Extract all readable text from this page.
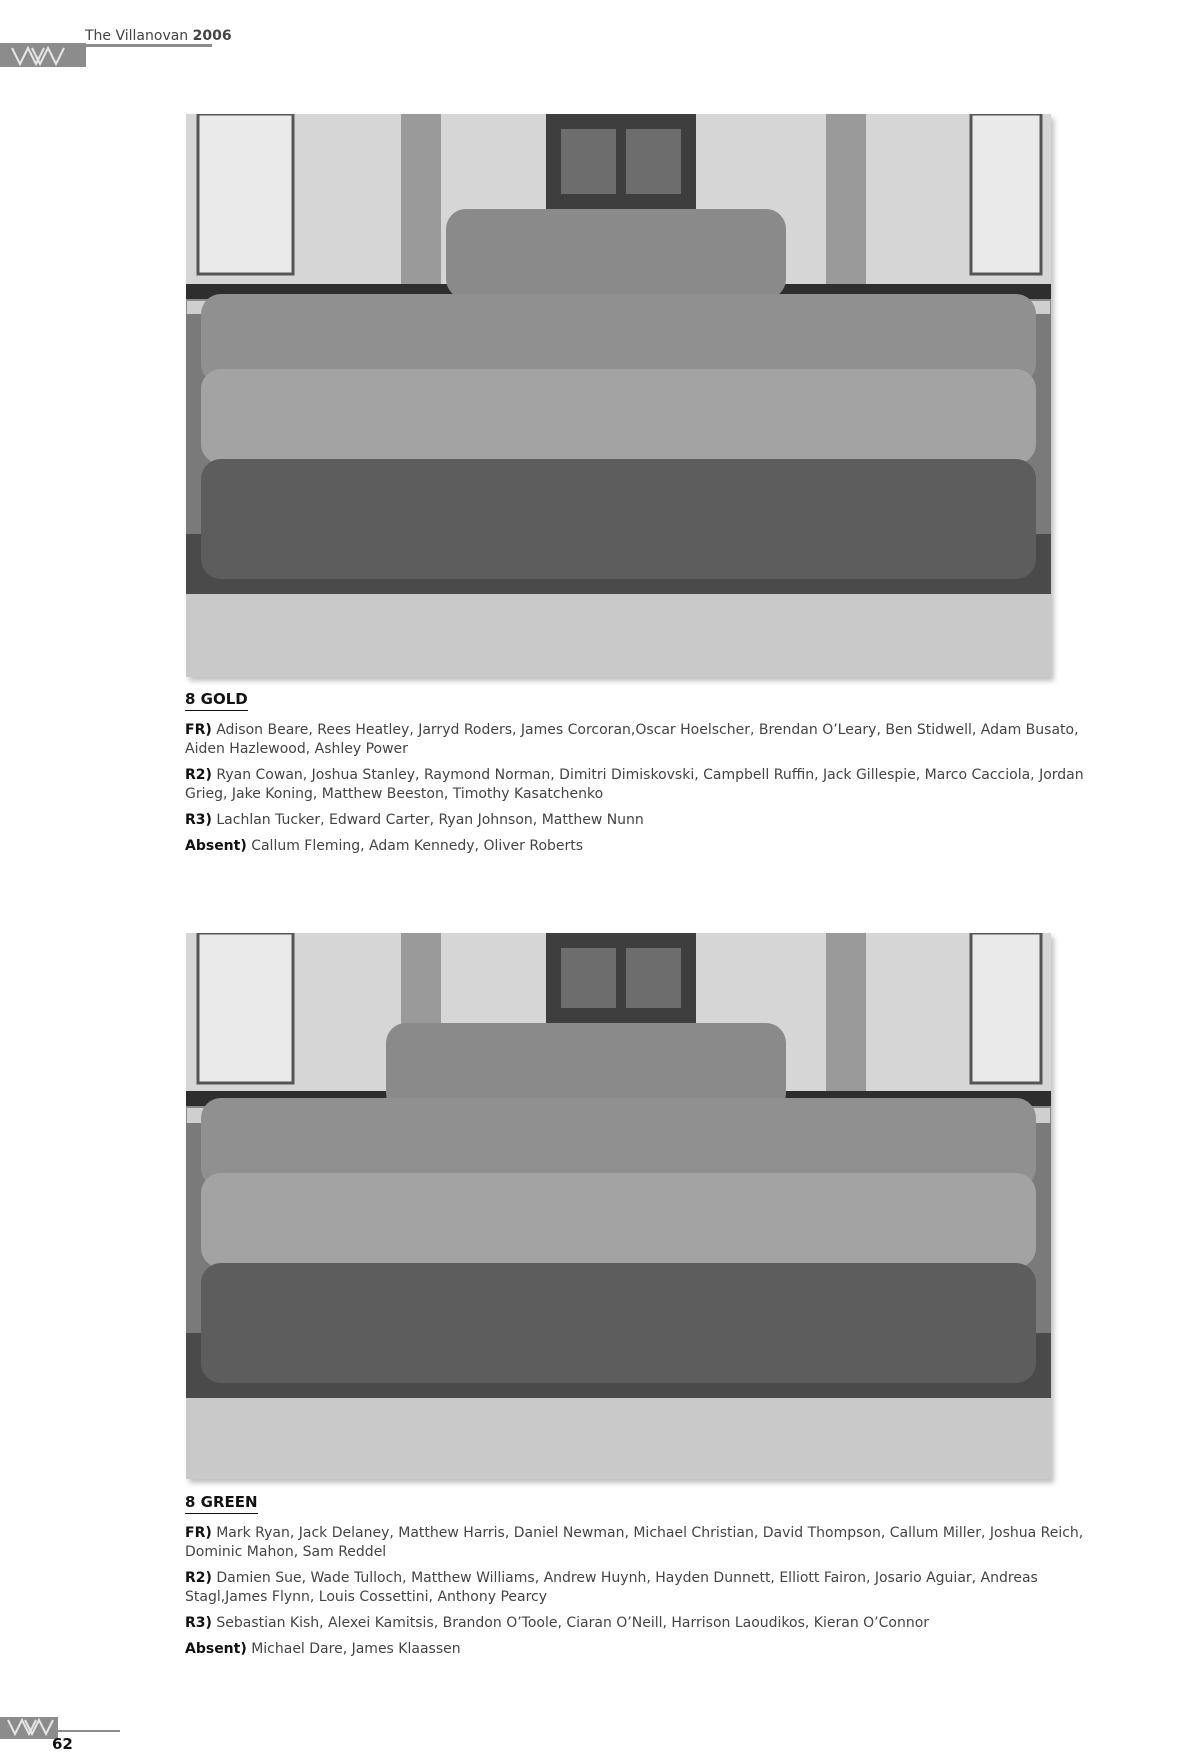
The Villanovan 2006
8 GOLD

FR) Adison Beare, Rees Heatley, Jarryd Roders, James Corcoran,Oscar Hoelscher, Brendan O’Leary, Ben Stidwell, Adam Busato, Aiden Hazlewood, Ashley Power

R2) Ryan Cowan, Joshua Stanley, Raymond Norman, Dimitri Dimiskovski, Campbell Ruffin, Jack Gillespie, Marco Cacciola, Jordan Grieg, Jake Koning, Matthew Beeston, Timothy Kasatchenko

R3) Lachlan Tucker, Edward Carter, Ryan Johnson, Matthew Nunn

Absent) Callum Fleming, Adam Kennedy, Oliver Roberts

8 GREEN

FR) Mark Ryan, Jack Delaney, Matthew Harris, Daniel Newman, Michael Christian, David Thompson, Callum Miller, Joshua Reich, Dominic Mahon, Sam Reddel

R2) Damien Sue, Wade Tulloch, Matthew Williams, Andrew Huynh, Hayden Dunnett, Elliott Fairon, Josario Aguiar, Andreas Stagl,James Flynn, Louis Cossettini, Anthony Pearcy

R3) Sebastian Kish, Alexei Kamitsis, Brandon O’Toole, Ciaran O’Neill, Harrison Laoudikos, Kieran O’Connor

Absent) Michael Dare, James Klaassen

62
